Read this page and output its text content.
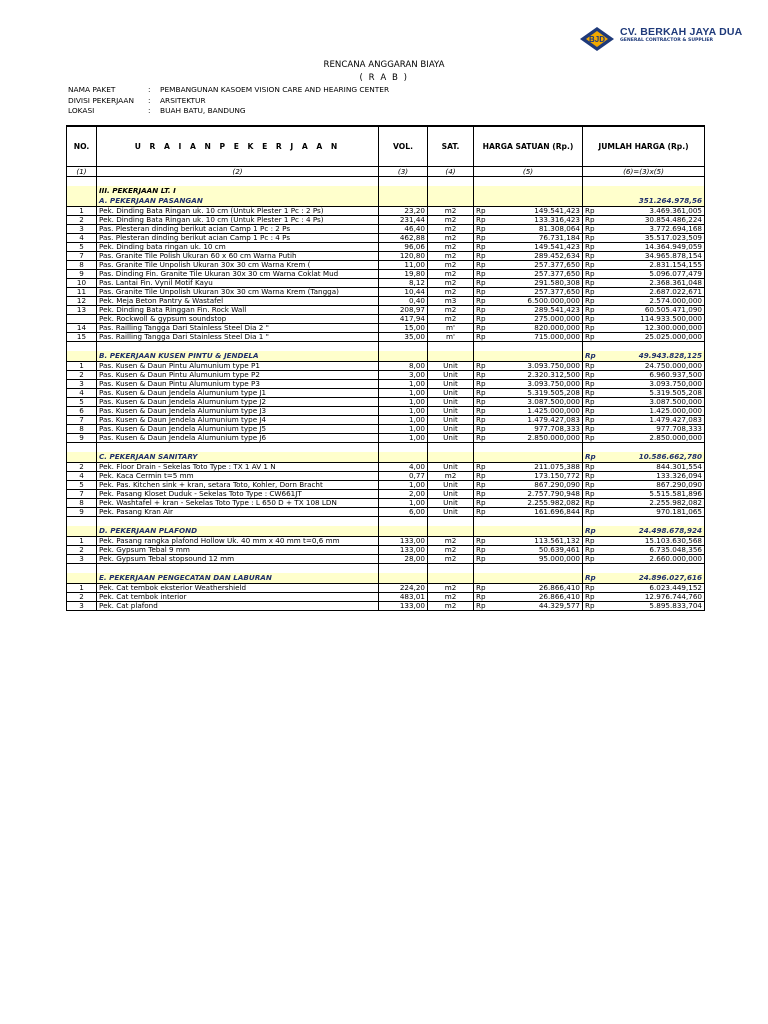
BJD
CV. BERKAH JAYA DUA
GENERAL CONTRACTOR & SUPPLIER
RENCANA ANGGARAN BIAYA
( R A B )
NAMA PAKET	: PEMBANGUNAN KASOEM VISION CARE AND HEARING CENTER
DIVISI PEKERJAAN	: ARSITEKTUR
LOKASI	: BUAH BATU, BANDUNG
NO.	U R A I A N P E K E R J A A N	VOL.	SAT.	HARGA SATUAN (Rp.)		JUMLAH HARGA (Rp.)	
(1)	(2)	(3)	(4)	(5)		(6)=(3)x(5)	

	III. PEKERJAAN LT. I						
	A. PEKERJAAN PASANGAN						351.264.978,56
1	Pek. Dinding Bata Ringan uk. 10 cm (Untuk Plester 1 Pc : 2 Ps)	23,20	m2	Rp	149.541,423	Rp	3.469.361,005
2	Pek. Dinding Bata Ringan uk. 10 cm (Untuk Plester 1 Pc : 4 Ps)	231,44	m2	Rp	133.316,423	Rp	30.854.486,224
3	Pas. Plesteran dinding berikut acian Camp 1 Pc : 2 Ps	46,40	m2	Rp	81.308,064	Rp	3.772.694,168
4	Pas. Plesteran dinding berikut acian Camp 1 Pc : 4 Ps	462,88	m2	Rp	76.731,184	Rp	35.517.023,509
5	Pek. Dinding bata ringan uk. 10 cm	96,06	m2	Rp	149.541,423	Rp	14.364.949,059
7	Pas. Granite Tile Polish Ukuran 60 x 60 cm Warna Putih	120,80	m2	Rp	289.452,634	Rp	34.965.878,154
8	Pas. Granite Tile Unpolish Ukuran 30x 30 cm Warna Krem (	11,00	m2	Rp	257.377,650	Rp	2.831.154,155
9	Pas. Dinding Fin. Granite Tile Ukuran 30x 30 cm Warna Coklat Mud	19,80	m2	Rp	257.377,650	Rp	5.096.077,479
10	Pas. Lantai Fin. Vynil Motif Kayu	8,12	m2	Rp	291.580,308	Rp	2.368.361,048
11	Pas. Granite Tile Unpolish Ukuran 30x 30 cm Warna Krem (Tangga)	10,44	m2	Rp	257.377,650	Rp	2.687.022,671
12	Pek. Meja Beton Pantry & Wastafel	0,40	m3	Rp	6.500.000,000	Rp	2.574.000,000
13	Pek. Dinding Bata Ringgan Fin. Rock Wall	208,97	m2	Rp	289.541,423	Rp	60.505.471,090
	Pek. Rockwoll & gypsum soundstop	417,94	m2	Rp	275.000,000	Rp	114.933.500,000
14	Pas. Railling Tangga Dari Stainless Steel Dia 2 "	15,00	m'	Rp	820.000,000	Rp	12.300.000,000
15	Pas. Railling Tangga Dari Stainless Steel Dia 1 "	35,00	m'	Rp	715.000,000	Rp	25.025.000,000

	B. PEKERJAAN KUSEN PINTU & JENDELA					Rp	49.943.828,125
1	Pas. Kusen & Daun Pintu Alumunium type P1	8,00	Unit	Rp	3.093.750,000	Rp	24.750.000,000
2	Pas. Kusen & Daun Pintu Alumunium type P2	3,00	Unit	Rp	2.320.312,500	Rp	6.960.937,500
3	Pas. Kusen & Daun Pintu Alumunium type P3	1,00	Unit	Rp	3.093.750,000	Rp	3.093.750,000
4	Pas. Kusen & Daun Jendela Alumunium type J1	1,00	Unit	Rp	5.319.505,208	Rp	5.319.505,208
5	Pas. Kusen & Daun Jendela Alumunium type J2	1,00	Unit	Rp	3.087.500,000	Rp	3.087.500,000
6	Pas. Kusen & Daun Jendela Alumunium type J3	1,00	Unit	Rp	1.425.000,000	Rp	1.425.000,000
7	Pas. Kusen & Daun Jendela Alumunium type J4	1,00	Unit	Rp	1.479.427,083	Rp	1.479.427,083
8	Pas. Kusen & Daun Jendela Alumunium type J5	1,00	Unit	Rp	977.708,333	Rp	977.708,333
9	Pas. Kusen & Daun Jendela Alumunium type J6	1,00	Unit	Rp	2.850.000,000	Rp	2.850.000,000

	C. PEKERJAAN SANITARY					Rp	10.586.662,780
2	Pek. Floor Drain - Sekelas Toto Type : TX 1 AV 1 N	4,00	Unit	Rp	211.075,388	Rp	844.301,554
4	Pek. Kaca Cermin t=5 mm	0,77	m2	Rp	173.150,772	Rp	133.326,094
5	Pek. Pas. Kitchen sink + kran, setara Toto, Kohler, Dorn Bracht	1,00	Unit	Rp	867.290,090	Rp	867.290,090
7	Pek. Pasang Kloset Duduk - Sekelas Toto Type : CW661JT	2,00	Unit	Rp	2.757.790,948	Rp	5.515.581,896
8	Pek. Washtafel + kran - Sekelas Toto Type : L 650 D + TX 108 LDN	1,00	Unit	Rp	2.255.982,082	Rp	2.255.982,082
9	Pek. Pasang Kran Air	6,00	Unit	Rp	161.696,844	Rp	970.181,065

	D. PEKERJAAN PLAFOND					Rp	24.498.678,924
1	Pek. Pasang rangka plafond Hollow Uk. 40 mm x 40 mm t=0,6 mm	133,00	m2	Rp	113.561,132	Rp	15.103.630,568
2	Pek. Gypsum Tebal 9 mm	133,00	m2	Rp	50.639,461	Rp	6.735.048,356
3	Pek. Gypsum Tebal stopsound 12 mm	28,00	m2	Rp	95.000,000	Rp	2.660.000,000

	E. PEKERJAAN PENGECATAN DAN LABURAN					Rp	24.896.027,616
1	Pek. Cat tembok eksterior Weathershield	224,20	m2	Rp	26.866,410	Rp	6.023.449,152
2	Pek. Cat tembok interior	483,01	m2	Rp	26.866,410	Rp	12.976.744,760
3	Pek. Cat plafond	133,00	m2	Rp	44.329,577	Rp	5.895.833,704
